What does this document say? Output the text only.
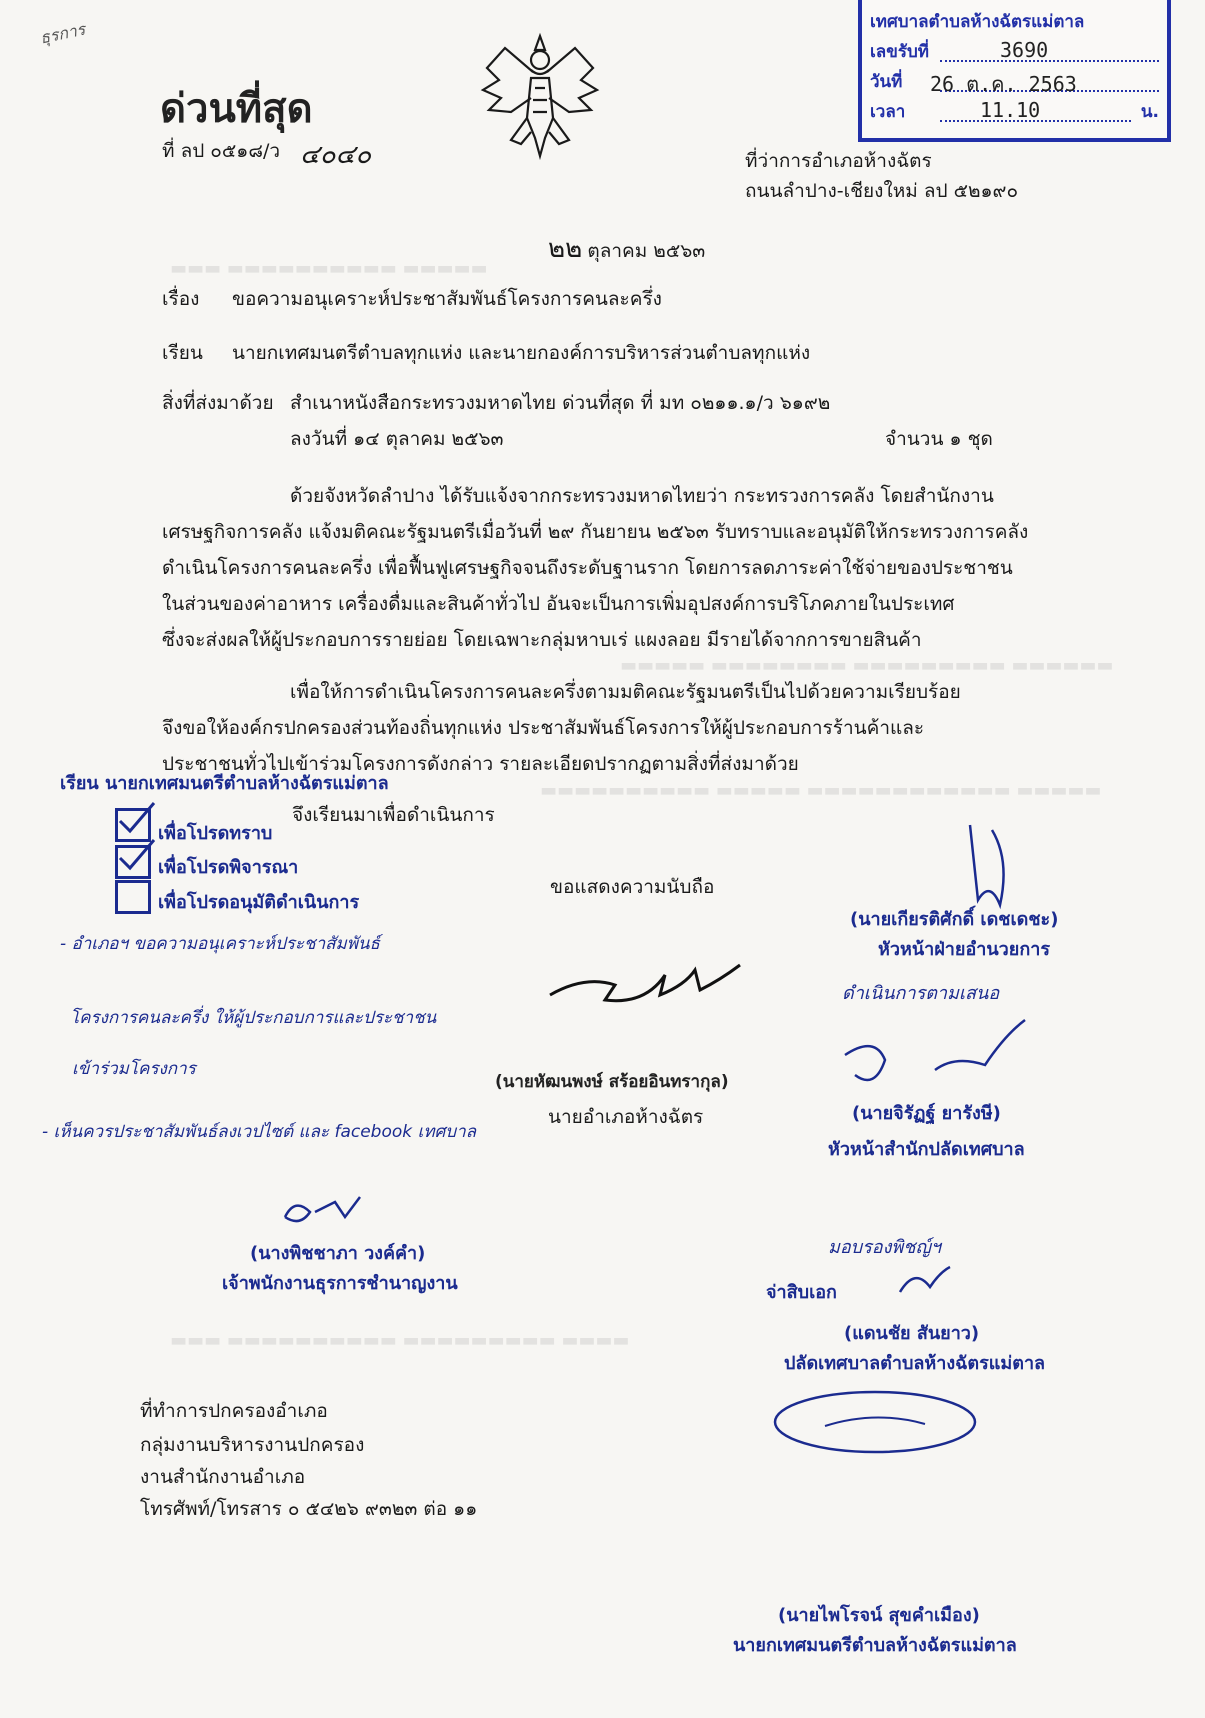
▬▬▬ ▬▬▬▬▬▬▬▬▬▬ ▬▬▬▬▬
▬▬▬▬▬ ▬▬▬▬▬▬▬▬ ▬▬▬▬▬▬▬▬▬ ▬▬▬▬▬▬
▬▬▬▬▬▬▬▬▬▬ ▬▬▬▬▬ ▬▬▬▬▬▬▬▬▬▬▬▬ ▬▬▬▬▬
▬▬▬ ▬▬▬▬▬▬▬▬▬▬ ▬▬▬▬▬▬▬▬▬ ▬▬▬▬
ธุรการ
ด่วนที่สุด
ที่ ลป ๐๕๑๘/ว ๔๐๔๐
เทศบาลตำบลห้างฉัตรแม่ตาล
เลขรับที่	3690
วันที่ 26 ต.ค. 2563
เวลา	11.10	น.
ที่ว่าการอำเภอห้างฉัตร
ถนนลำปาง-เชียงใหม่ ลป ๕๒๑๙๐
๒๒ ตุลาคม ๒๕๖๓
เรื่อง ขอความอนุเคราะห์ประชาสัมพันธ์โครงการคนละครึ่ง
เรียน นายกเทศมนตรีตำบลทุกแห่ง และนายกองค์การบริหารส่วนตำบลทุกแห่ง
สิ่งที่ส่งมาด้วย สำเนาหนังสือกระทรวงมหาดไทย ด่วนที่สุด ที่ มท ๐๒๑๑.๑/ว ๖๑๙๒
ลงวันที่ ๑๔ ตุลาคม ๒๕๖๓	จำนวน ๑ ชุด
ด้วยจังหวัดลำปาง ได้รับแจ้งจากกระทรวงมหาดไทยว่า กระทรวงการคลัง โดยสำนักงาน
เศรษฐกิจการคลัง แจ้งมติคณะรัฐมนตรีเมื่อวันที่ ๒๙ กันยายน ๒๕๖๓ รับทราบและอนุมัติให้กระทรวงการคลัง
ดำเนินโครงการคนละครึ่ง เพื่อฟื้นฟูเศรษฐกิจจนถึงระดับฐานราก โดยการลดภาระค่าใช้จ่ายของประชาชน
ในส่วนของค่าอาหาร เครื่องดื่มและสินค้าทั่วไป อันจะเป็นการเพิ่มอุปสงค์การบริโภคภายในประเทศ
ซึ่งจะส่งผลให้ผู้ประกอบการรายย่อย โดยเฉพาะกลุ่มหาบเร่ แผงลอย มีรายได้จากการขายสินค้า
เพื่อให้การดำเนินโครงการคนละครึ่งตามมติคณะรัฐมนตรีเป็นไปด้วยความเรียบร้อย
จึงขอให้องค์กรปกครองส่วนท้องถิ่นทุกแห่ง ประชาสัมพันธ์โครงการให้ผู้ประกอบการร้านค้าและ
ประชาชนทั่วไปเข้าร่วมโครงการดังกล่าว รายละเอียดปรากฏตามสิ่งที่ส่งมาด้วย
เรียน นายกเทศมนตรีตำบลห้างฉัตรแม่ตาล
จึงเรียนมาเพื่อดำเนินการ
เพื่อโปรดทราบ
เพื่อโปรดพิจารณา
เพื่อโปรดอนุมัติดำเนินการ
ขอแสดงความนับถือ
- อำเภอฯ ขอความอนุเคราะห์ประชาสัมพันธ์
โครงการคนละครึ่ง ให้ผู้ประกอบการและประชาชน
เข้าร่วมโครงการ
- เห็นควรประชาสัมพันธ์ลงเวปไซต์ และ facebook เทศบาล
(นายหัฒนพงษ์ สร้อยอินทรากุล)
นายอำเภอห้างฉัตร
(นายเกียรติศักดิ์ เดชเดชะ)
หัวหน้าฝ่ายอำนวยการ
ดำเนินการตามเสนอ
(นายจิรัฏฐ์ ยารังษี)
หัวหน้าสำนักปลัดเทศบาล
(นางพิชชาภา วงค์คำ)
เจ้าพนักงานธุรการชำนาญงาน
มอบรองพิชญ์ฯ
จ่าสิบเอก
(แดนชัย สันยาว)
ปลัดเทศบาลตำบลห้างฉัตรแม่ตาล
(นายไพโรจน์ สุขคำเมือง)
นายกเทศมนตรีตำบลห้างฉัตรแม่ตาล
ที่ทำการปกครองอำเภอ
กลุ่มงานบริหารงานปกครอง
งานสำนักงานอำเภอ
โทรศัพท์/โทรสาร ๐ ๕๔๒๖ ๙๓๒๓ ต่อ ๑๑
